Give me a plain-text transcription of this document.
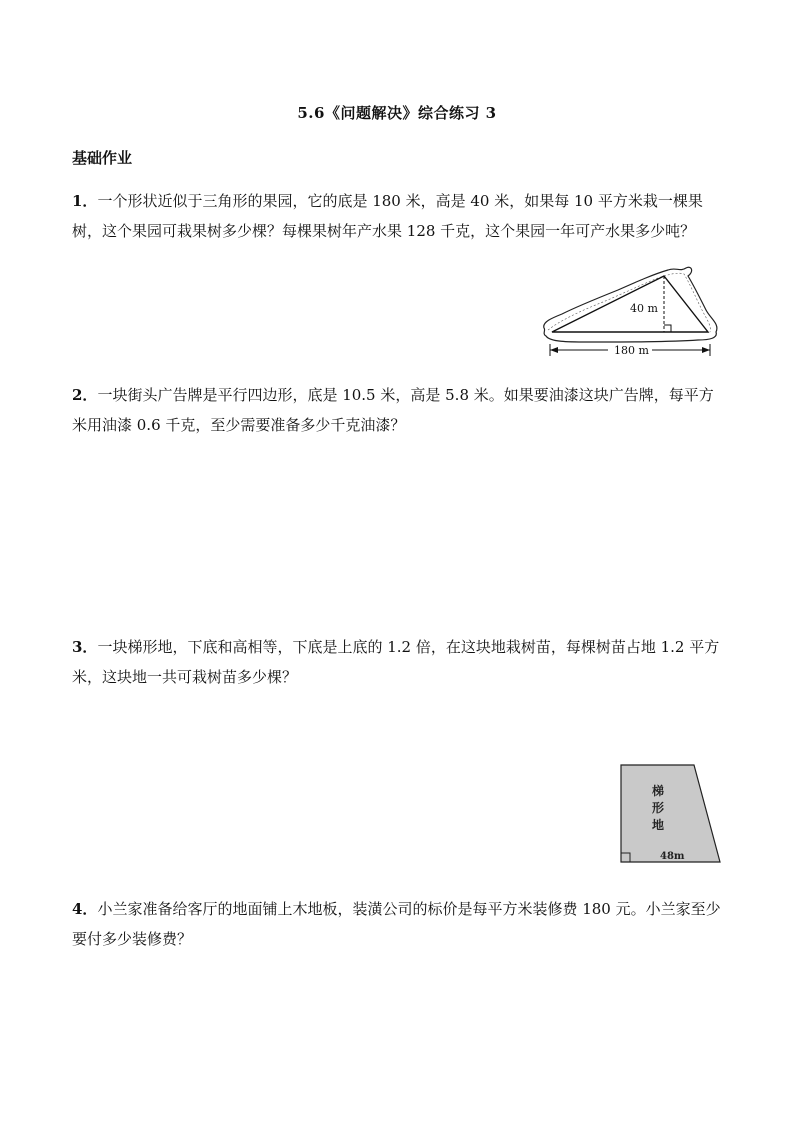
5.6《问题解决》综合练习 3
基础作业
1．一个形状近似于三角形的果园，它的底是 180 米，高是 40 米，如果每 10 平方米栽一棵果树，这个果园可栽果树多少棵？每棵果树年产水果 128 千克，这个果园一年可产水果多少吨？
40 m
180 m
2．一块街头广告牌是平行四边形，底是 10.5 米，高是 5.8 米。如果要油漆这块广告牌，每平方米用油漆 0.6 千克，至少需要准备多少千克油漆？
3．一块梯形地，下底和高相等，下底是上底的 1.2 倍，在这块地栽树苗，每棵树苗占地 1.2 平方米，这块地一共可栽树苗多少棵？
梯
形
地
48m
4．小兰家准备给客厅的地面铺上木地板，装潢公司的标价是每平方米装修费 180 元。小兰家至少要付多少装修费？
